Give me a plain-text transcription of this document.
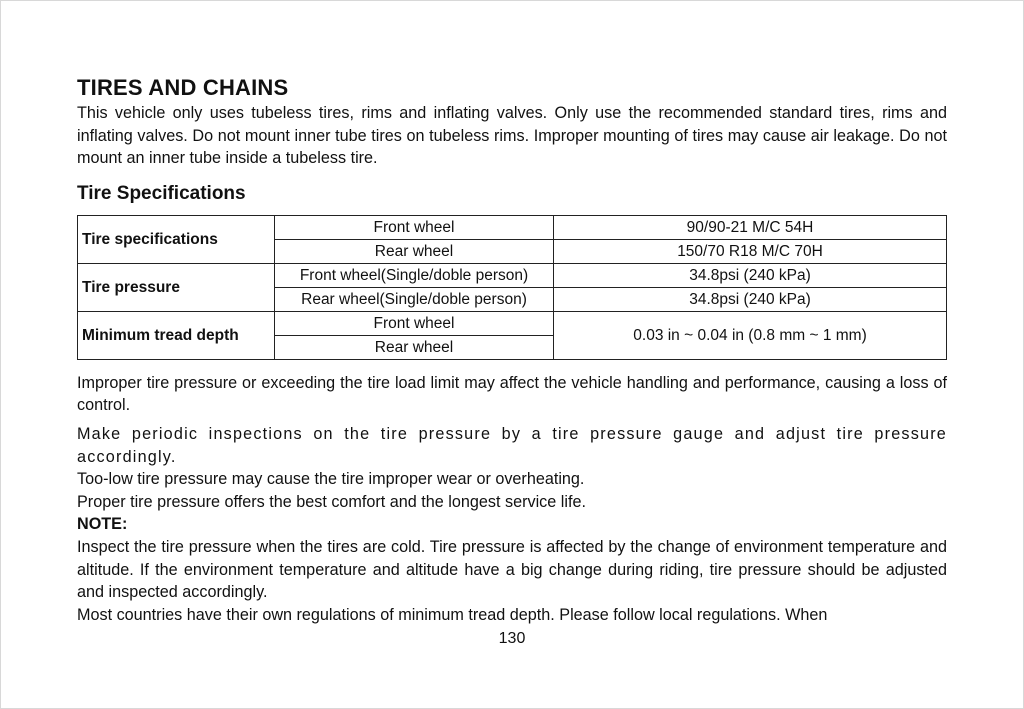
TIRES AND CHAINS

This vehicle only uses tubeless tires, rims and inflating valves. Only use the recommended standard tires, rims and inflating valves. Do not mount inner tube tires on tubeless rims. Improper mounting of tires may cause air leakage. Do not mount an inner tube inside a tubeless tire.

Tire Specifications
Tire specifications	Front wheel	90/90-21 M/C 54H
	Rear wheel	150/70 R18 M/C 70H
Tire pressure	Front wheel(Single/doble person)	34.8psi (240 kPa)
	Rear wheel(Single/doble person)	34.8psi (240 kPa)
Minimum tread depth	Front wheel	0.03 in ~ 0.04 in (0.8 mm ~ 1 mm)
	Rear wheel	

Improper tire pressure or exceeding the tire load limit may affect the vehicle handling and performance, causing a loss of control.

Make periodic inspections on the tire pressure by a tire pressure gauge and adjust tire pressure accordingly.

Too-low tire pressure may cause the tire improper wear or overheating.

Proper tire pressure offers the best comfort and the longest service life.

NOTE:

Inspect the tire pressure when the tires are cold. Tire pressure is affected by the change of environment temperature and altitude. If the environment temperature and altitude have a big change during riding, tire pressure should be adjusted and inspected accordingly.

Most countries have their own regulations of minimum tread depth. Please follow local regulations. When

130
